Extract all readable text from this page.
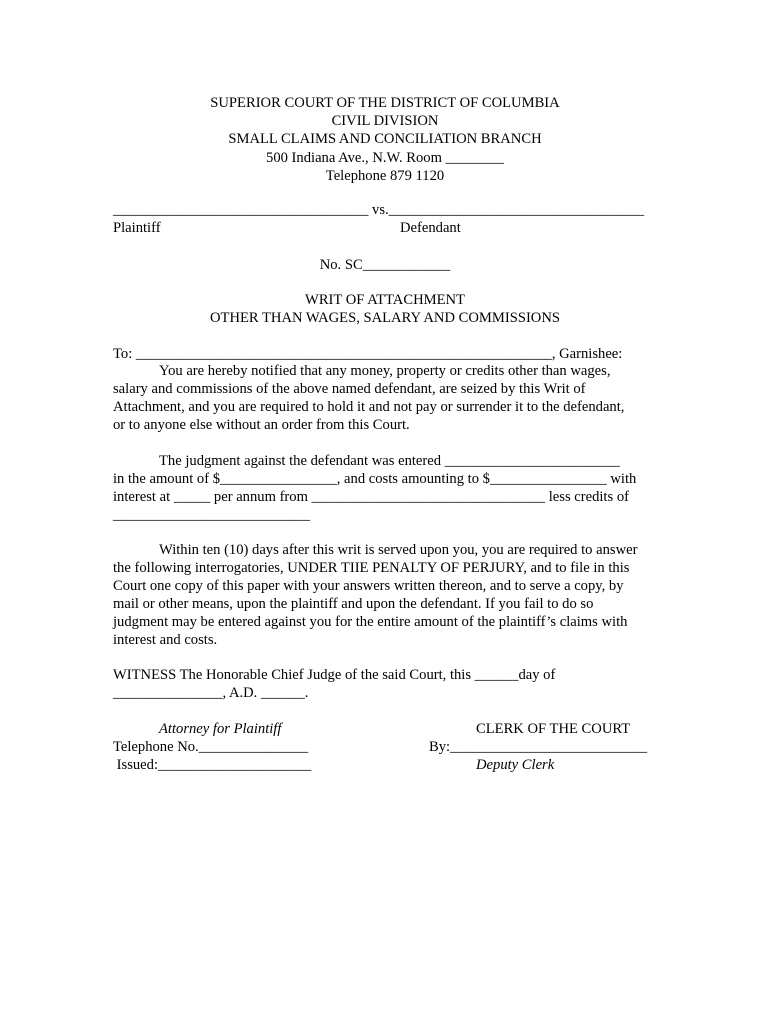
SUPERIOR COURT OF THE DISTRICT OF COLUMBIA
CIVIL DIVISION
SMALL CLAIMS AND CONCILIATION BRANCH
500 Indiana Ave., N.W. Room ________
Telephone 879 1120
___________________________________ vs.___________________________________
Plaintiff	Defendant
No. SC____________
WRIT OF ATTACHMENT
OTHER THAN WAGES, SALARY AND COMMISSIONS
To: _________________________________________________________, Garnishee:
You are hereby notified that any money, property or credits other than wages,
salary and commissions of the above named defendant, are seized by this Writ of
Attachment, and you are required to hold it and not pay or surrender it to the defendant,
or to anyone else without an order from this Court.
The judgment against the defendant was entered ________________________
in the amount of $________________, and costs amounting to $________________ with
interest at _____ per annum from ________________________________ less credits of
___________________________
Within ten (10) days after this writ is served upon you, you are required to answer
the following interrogatories, UNDER TIIE PENALTY OF PERJURY, and to file in this
Court one copy of this paper with your answers written thereon, and to serve a copy, by
mail or other means, upon the plaintiff and upon the defendant. If you fail to do so
judgment may be entered against you for the entire amount of the plaintiff’s claims with
interest and costs.
WITNESS The Honorable Chief Judge of the said Court, this ______day of
_______________, A.D. ______.
Attorney for Plaintiff
Telephone No._______________
Issued:_____________________
CLERK OF THE COURT
By:___________________________
Deputy Clerk
